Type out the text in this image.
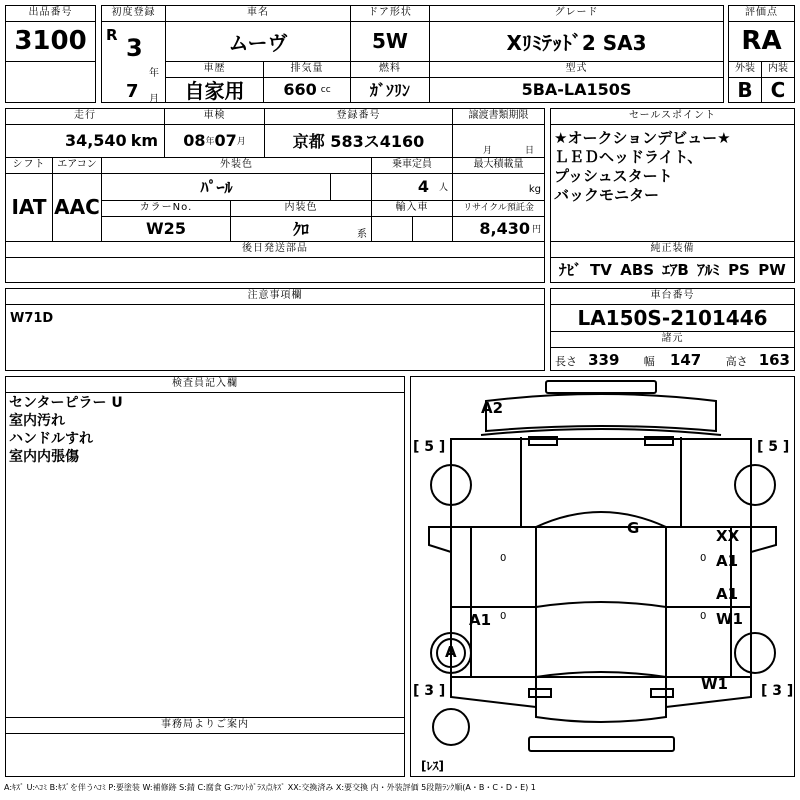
出品番号
3100
初度登録
R 3
年
7 月
車名
ムーヴ
ドア形状
5W
グレード
Xﾘﾐﾃｯﾄﾞ2 SA3
評価点
RA
車歴
自家用
排気量
660 cc
燃料
ｶﾞｿﾘﾝ
型式
5BA-LA150S
外装
B
内装
C
走行
34,540 km
車検
08 年 07 月
登録番号
京都 583ス4160
譲渡書類期限
月	日
シフト
IAT
エアコン
AAC
外装色
ﾊﾟｰﾙ
乗車定員
4 人
最大積載量
kg
カラーNo.
W25
内装色
ｸﾛ	系
輸入車	リサイクル預託金
8,430 円
後日発送部品
セールスポイント
★オークションデビュー★
ＬＥＤヘッドライト、
プッシュスタート
バックモニター
純正装備
ﾅﾋﾞ TV ABS ｴｱB ｱﾙﾐ PS PW
注意事項欄
W71D
車台番号
LA150S-2101446
諸元
長さ 339 幅 147 高さ 163
検査員記入欄
センターピラー U
室内汚れ
ハンドルすれ
室内内張傷
事務局よりご案内
A2
G	XX
A1
A1
W1
A1
A
W1
[ 5 ]	[ 5 ]
[ 3 ]	[ 3 ]
[ﾚｽ]
0	0
0	0
A:ｷｽﾞ U:ﾍｺﾐ B:ｷｽﾞを伴うﾍｺﾐ P:要塗装 W:補修跡 S:錆 C:腐食 G:ﾌﾛﾝﾄｶﾞﾗｽ点ｷｽﾞ XX:交換済み X:要交換 内・外装評価 5段階ﾗﾝｸ順(A・B・C・D・E) 1
